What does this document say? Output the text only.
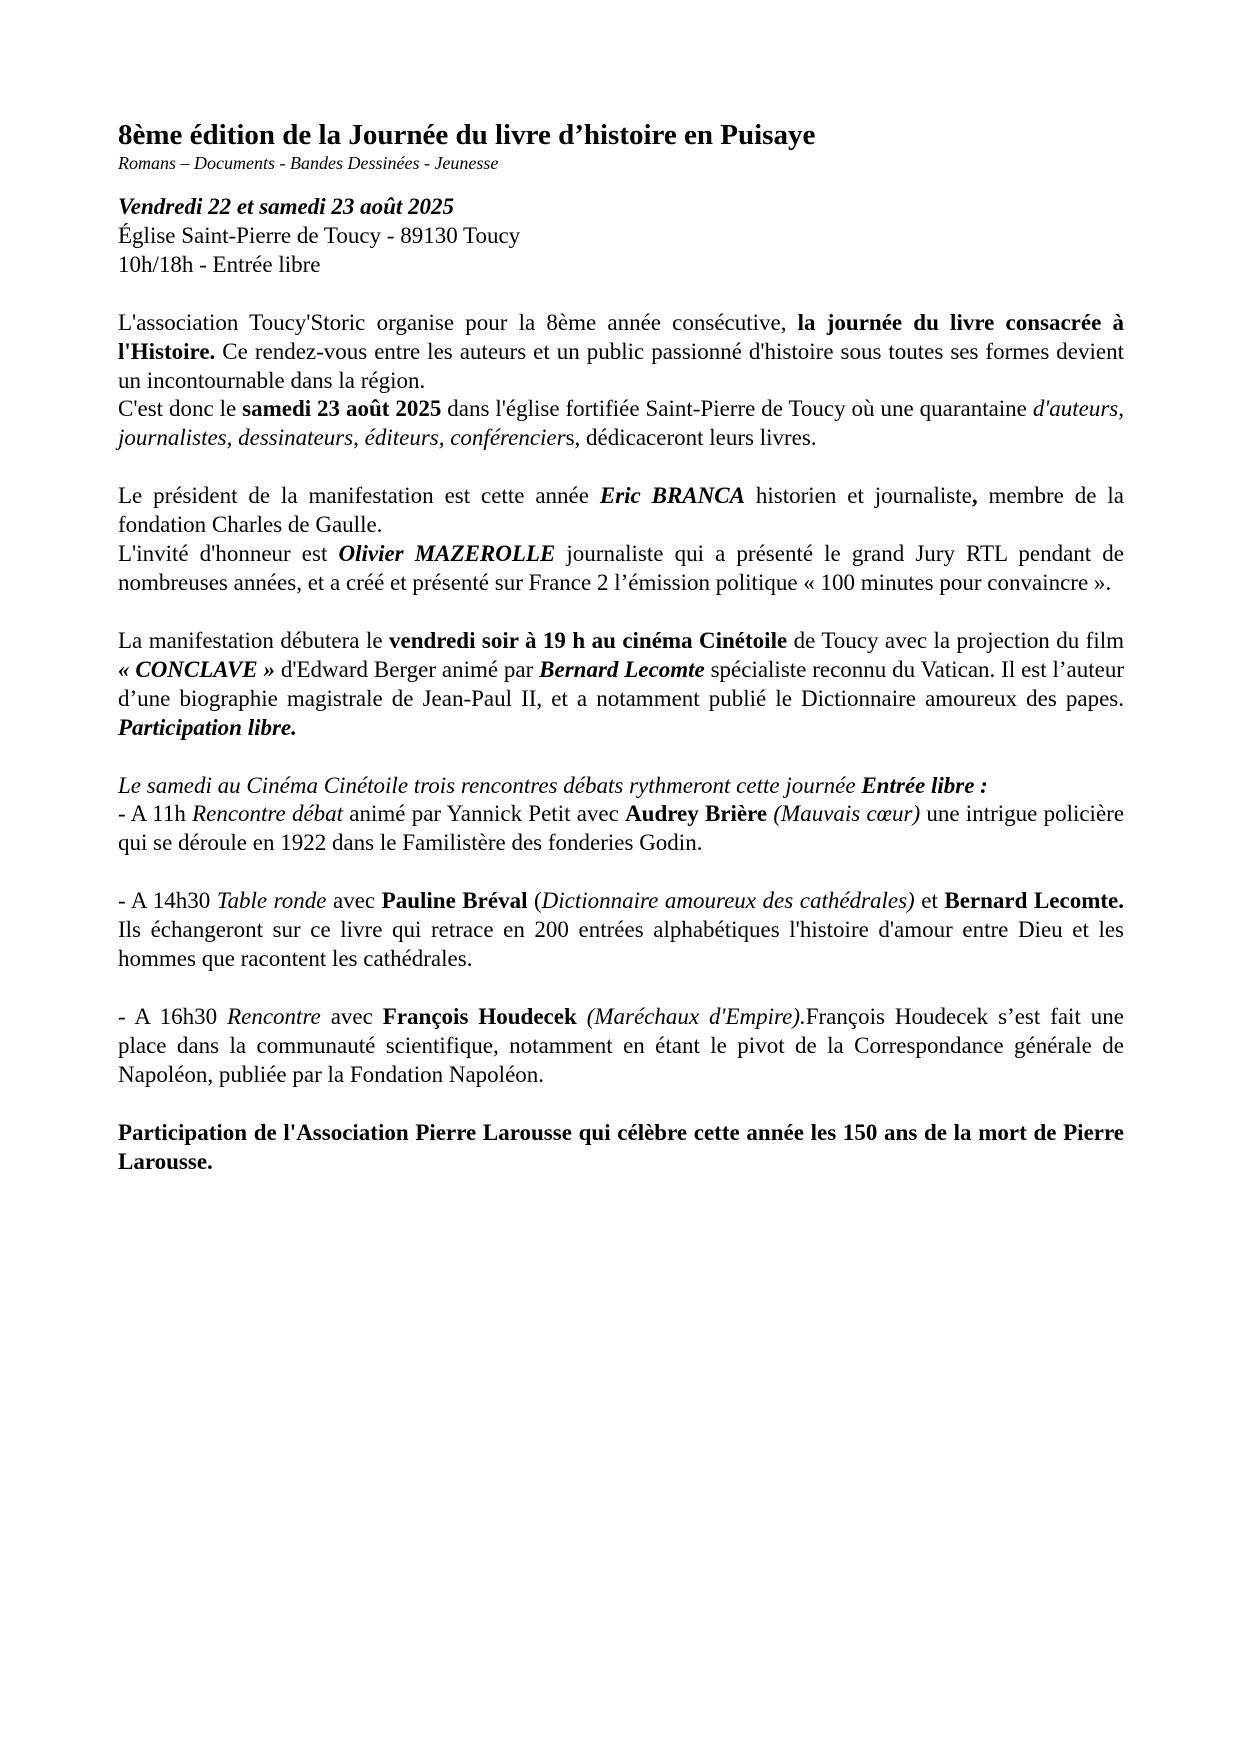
8ème édition de la Journée du livre d’histoire en Puisaye
Romans – Documents - Bandes Dessinées - Jeunesse
Vendredi 22 et samedi 23 août 2025
Église Saint-Pierre de Toucy - 89130 Toucy
10h/18h - Entrée libre

L'association Toucy'Storic organise pour la 8ème année consécutive, la journée du livre consacrée à l'Histoire. Ce rendez-vous entre les auteurs et un public passionné d'histoire sous toutes ses formes devient un incontournable dans la région.

C'est donc le samedi 23 août 2025 dans l'église fortifiée Saint-Pierre de Toucy où une quarantaine d'auteurs, journalistes, dessinateurs, éditeurs, conférenciers, dédicaceront leurs livres.

Le président de la manifestation est cette année Eric BRANCA historien et journaliste, membre de la fondation Charles de Gaulle.

L'invité d'honneur est Olivier MAZEROLLE journaliste qui a présenté le grand Jury RTL pendant de nombreuses années, et a créé et présenté sur France 2 l’émission politique « 100 minutes pour convaincre ».

La manifestation débutera le vendredi soir à 19 h au cinéma Cinétoile de Toucy avec la projection du film « CONCLAVE » d'Edward Berger animé par Bernard Lecomte spécialiste reconnu du Vatican. Il est l’auteur d’une biographie magistrale de Jean-Paul II, et a notamment publié le Dictionnaire amoureux des papes. Participation libre.

Le samedi au Cinéma Cinétoile trois rencontres débats rythmeront cette journée Entrée libre :

- A 11h Rencontre débat animé par Yannick Petit avec Audrey Brière (Mauvais cœur) une intrigue policière qui se déroule en 1922 dans le Familistère des fonderies Godin.

- A 14h30 Table ronde avec Pauline Bréval (Dictionnaire amoureux des cathédrales) et Bernard Lecomte. Ils échangeront sur ce livre qui retrace en 200 entrées alphabétiques l'histoire d'amour entre Dieu et les hommes que racontent les cathédrales.

- A 16h30 Rencontre avec François Houdecek (Maréchaux d'Empire).François Houdecek s’est fait une place dans la communauté scientifique, notamment en étant le pivot de la Correspondance générale de Napoléon, publiée par la Fondation Napoléon.

Participation de l'Association Pierre Larousse qui célèbre cette année les 150 ans de la mort de Pierre Larousse.
